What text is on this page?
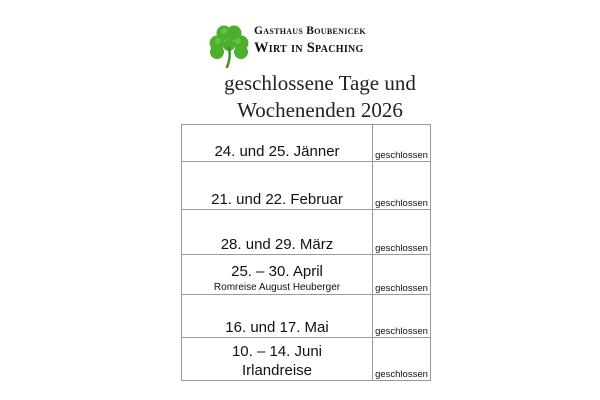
Gasthaus Boubenicek
Wirt in Spaching
geschlossene Tage und
Wochenenden 2026
24. und 25. Jänner	geschlossen

21. und 22. Februar	geschlossen

28. und 29. März	geschlossen

25. – 30. April
Romreise August Heuberger	geschlossen

16. und 17. Mai	geschlossen

10. – 14. Juni
Irlandreise	geschlossen
